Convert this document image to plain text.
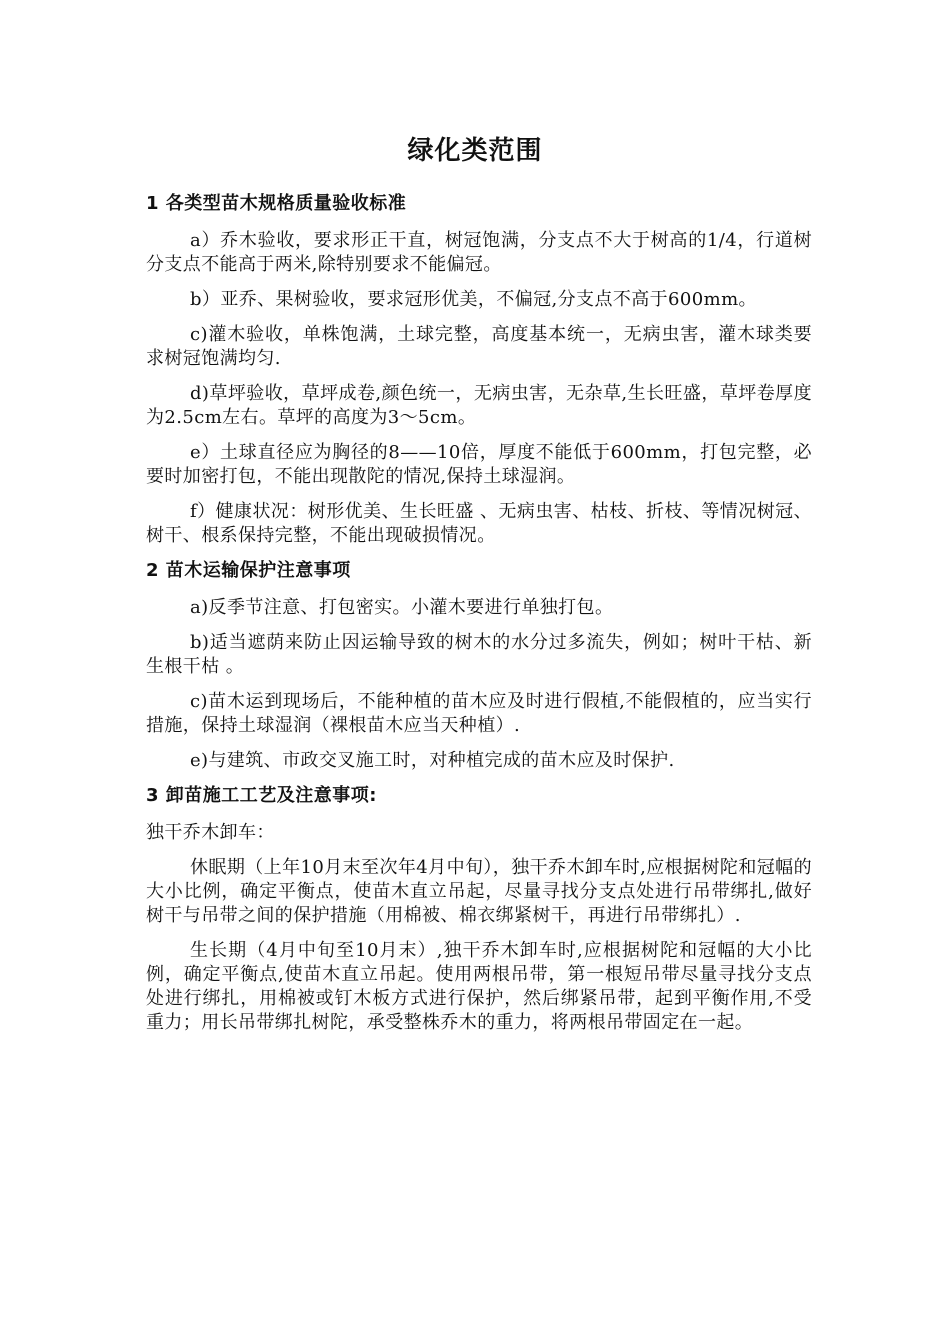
绿化类范围
1 各类型苗木规格质量验收标准
a）乔木验收，要求形正干直，树冠饱满，分支点不大于树高的1/4，行道树分支点不能高于两米,除特别要求不能偏冠。
b）亚乔、果树验收，要求冠形优美，不偏冠,分支点不高于600mm。
c)灌木验收，单株饱满，土球完整，高度基本统一，无病虫害，灌木球类要求树冠饱满均匀.
d)草坪验收，草坪成卷,颜色统一，无病虫害，无杂草,生长旺盛，草坪卷厚度为2.5cm左右。草坪的高度为3～5cm。
e）土球直径应为胸径的8——10倍，厚度不能低于600mm，打包完整，必要时加密打包，不能出现散陀的情况,保持土球湿润。
f）健康状况：树形优美、生长旺盛 、无病虫害、枯枝、折枝、等情况树冠、树干、根系保持完整，不能出现破损情况。
2 苗木运输保护注意事项
a)反季节注意、打包密实。小灌木要进行单独打包。
b)适当遮荫来防止因运输导致的树木的水分过多流失，例如；树叶干枯、新生根干枯 。
c)苗木运到现场后，不能种植的苗木应及时进行假植,不能假植的，应当实行措施，保持土球湿润（裸根苗木应当天种植）.
e)与建筑、市政交叉施工时，对种植完成的苗木应及时保护.
3 卸苗施工工艺及注意事项:
独干乔木卸车：
休眠期（上年10月末至次年4月中旬），独干乔木卸车时,应根据树陀和冠幅的大小比例，确定平衡点，使苗木直立吊起，尽量寻找分支点处进行吊带绑扎,做好树干与吊带之间的保护措施（用棉被、棉衣绑紧树干，再进行吊带绑扎）.
生长期（4月中旬至10月末）,独干乔木卸车时,应根据树陀和冠幅的大小比例，确定平衡点,使苗木直立吊起。使用两根吊带，第一根短吊带尽量寻找分支点处进行绑扎，用棉被或钉木板方式进行保护，然后绑紧吊带，起到平衡作用,不受重力；用长吊带绑扎树陀，承受整株乔木的重力，将两根吊带固定在一起。
